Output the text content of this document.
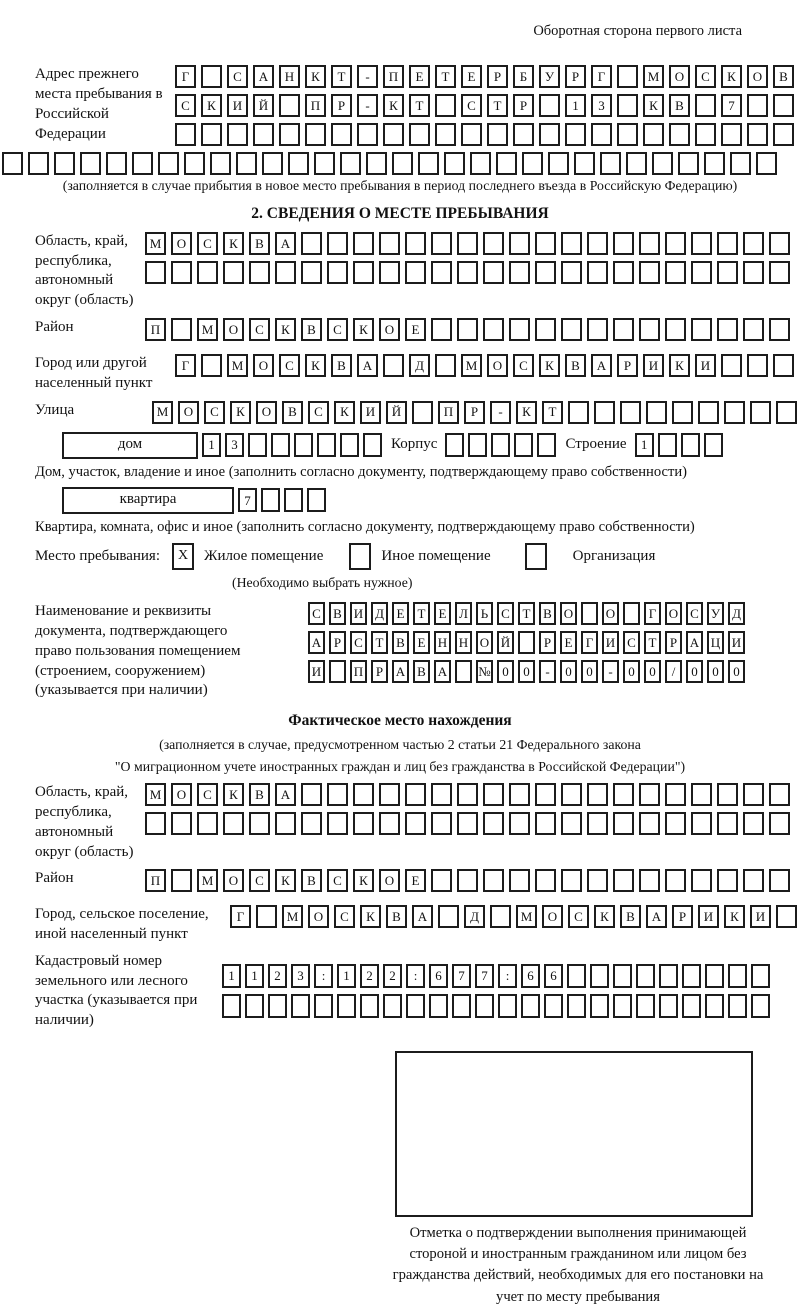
Оборотная сторона первого листа
Адрес прежнего места пребывания в Российской Федерации
Г	С	А	Н	К	Т	-	П	Е	Т	Е	Р	Б	У	Р	Г	М	О	С	К	О	В
С	К	И	Й	П	Р	-	К	Т	С	Т	Р	1	3	К	В	7
(заполняется в случае прибытия в новое место пребывания в период последнего въезда в Российскую Федерацию)
2. СВЕДЕНИЯ О МЕСТЕ ПРЕБЫВАНИЯ
Область, край, республика, автономный округ (область)
М	О	С	К	В	А
Район	П	М	О	С	К	В	С	К	О	Е
Город или другой населенный пункт
Г	М	О	С	К	В	А	Д	М	О	С	К	В	А	Р	И	К	И
Улица	М	О	С	К	О	В	С	К	И	Й	П	Р	-	К	Т
дом	1	3	Корпус	Строение	1
Дом, участок, владение и иное (заполнить согласно документу, подтверждающему право собственности)
квартира	7
Квартира, комната, офис и иное (заполнить согласно документу, подтверждающему право собственности)
Место пребывания:	X	Жилое помещение	Иное помещение	Организация
(Необходимо выбрать нужное)
Наименование и реквизиты документа, подтверждающего право пользования помещением (строением, сооружением) (указывается при наличии)
С В И Д Е	Т	Е Л Ь С Т В О	О	Г О С У Д
А Р	С Т В Е Н Н О Й	Р	Е	Г И С Т	Р А Ц И
И	П Р А В А № 0	0	-	0	0	-	0	0	/	0	0	0
Фактическое место нахождения
(заполняется в случае, предусмотренном частью 2 статьи 21 Федерального закона
"О миграционном учете иностранных граждан и лиц без гражданства в Российской Федерации")
Область, край, республика, автономный округ (область)
М	О	С	К	В	А
Район	П	М	О	С	К	В	С	К	О	Е
Город, сельское поселение, иной населенный пункт
Г	М	О	С	К	В	А	Д	М	О	С	К	В	А	Р	И	К	И
Кадастровый номер земельного или лесного участка (указывается при наличии)
1	1	2	3	:	1	2	2	:	6	7	7	:	6	6
Отметка о подтверждении выполнения принимающей стороной и иностранным гражданином или лицом без гражданства действий, необходимых для его постановки на учет по месту пребывания
